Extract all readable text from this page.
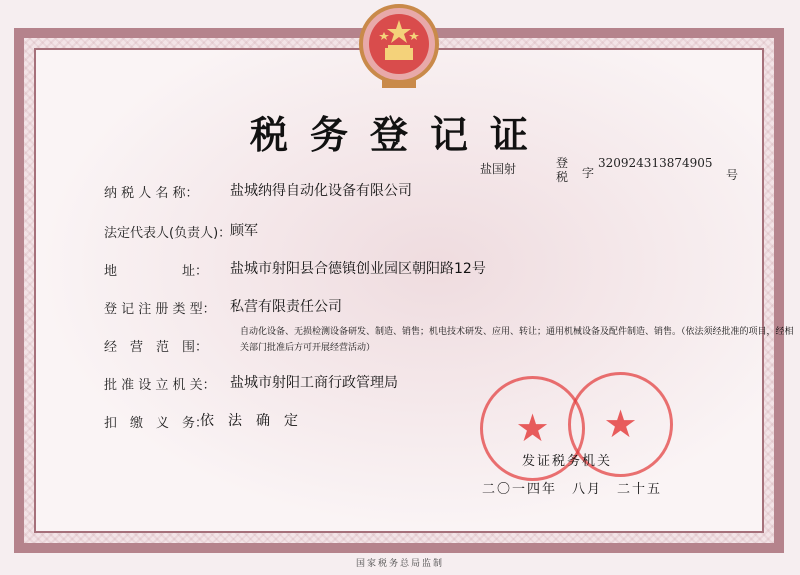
税务登记证
盐国射	登
税 字
320924313874905
号
纳 税 人 名 称： 盐城纳得自动化设备有限公司
法定代表人(负责人)：
顾军
地　　　　　址： 盐城市射阳县合德镇创业园区朝阳路12号
登 记 注 册 类 型： 私营有限责任公司
经　营　范　围：
自动化设备、无损检测设备研发、制造、销售；机电技术研发、应用、转让；通用机械设备及配件制造、销售。（依法须经批准的项目，经相关部门批准后方可开展经营活动）
批 准 设 立 机 关： 盐城市射阳工商行政管理局
扣　缴　义　务：
依　法　确　定	★	★
发证税务机关
二〇一四年　八月　二十五
国家税务总局监制
